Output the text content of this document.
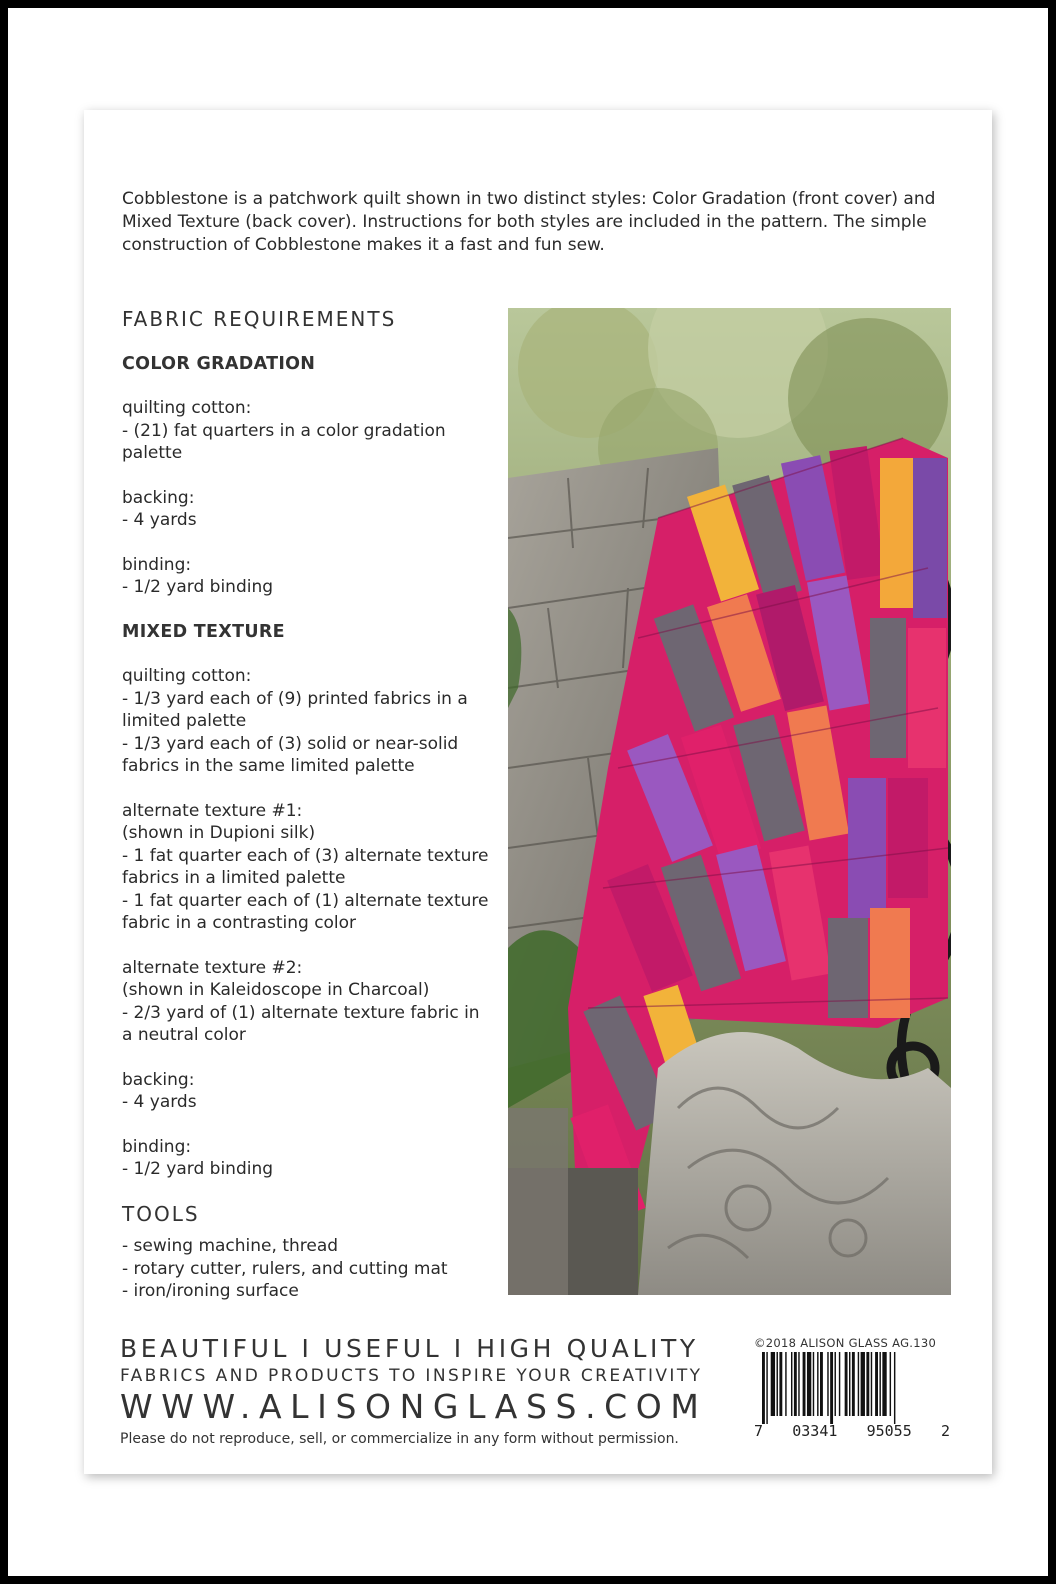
Cobblestone is a patchwork quilt shown in two distinct styles: Color Gradation (front cover) and Mixed Texture (back cover). Instructions for both styles are included in the pattern. The simple construction of Cobblestone makes it a fast and fun sew.

FABRIC REQUIREMENTS
COLOR GRADATION
quilting cotton:
- (21) fat quarters in a color gradation palette
backing:
- 4 yards
binding:
- 1/2 yard binding
MIXED TEXTURE
quilting cotton:
- 1/3 yard each of (9) printed fabrics in a limited palette
- 1/3 yard each of (3) solid or near-solid fabrics in the same limited palette
alternate texture #1:
(shown in Dupioni silk)
- 1 fat quarter each of (3) alternate texture fabrics in a limited palette
- 1 fat quarter each of (1) alternate texture fabric in a contrasting color
alternate texture #2:
(shown in Kaleidoscope in Charcoal)
- 2/3 yard of (1) alternate texture fabric in a neutral color
backing:
- 4 yards
binding:
- 1/2 yard binding
TOOLS
- sewing machine, thread
- rotary cutter, rulers, and cutting mat
- iron/ironing surface
BEAUTIFUL I USEFUL I HIGH QUALITY
FABRICS AND PRODUCTS TO INSPIRE YOUR CREATIVITY
WWW.ALISONGLASS.COM
Please do not reproduce, sell, or commercialize in any form without permission.
©2018 ALISON GLASS AG.130
7 03341 95055 2
